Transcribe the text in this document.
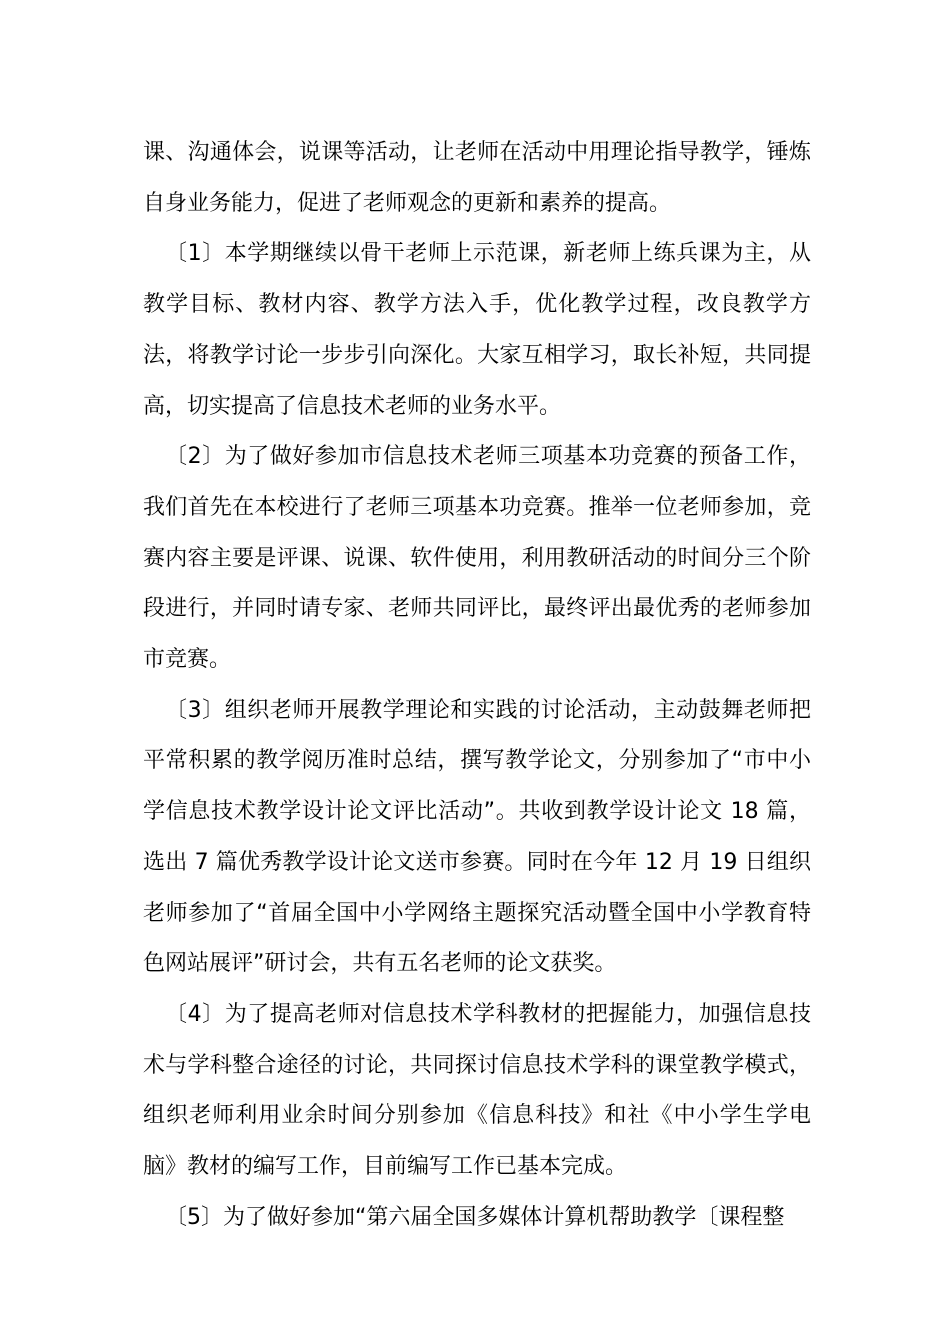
课、沟通体会，说课等活动，让老师在活动中用理论指导教学，锤炼自身业务能力，促进了老师观念的更新和素养的提高。

〔1〕本学期继续以骨干老师上示范课，新老师上练兵课为主，从教学目标、教材内容、教学方法入手，优化教学过程，改良教学方法，将教学讨论一步步引向深化。大家互相学习，取长补短，共同提高，切实提高了信息技术老师的业务水平。

〔2〕为了做好参加市信息技术老师三项基本功竞赛的预备工作，我们首先在本校进行了老师三项基本功竞赛。推举一位老师参加，竞赛内容主要是评课、说课、软件使用，利用教研活动的时间分三个阶段进行，并同时请专家、老师共同评比，最终评出最优秀的老师参加市竞赛。

〔3〕组织老师开展教学理论和实践的讨论活动，主动鼓舞老师把平常积累的教学阅历准时总结，撰写教学论文，分别参加了“市中小学信息技术教学设计论文评比活动”。共收到教学设计论文 18 篇，选出 7 篇优秀教学设计论文送市参赛。同时在今年 12 月 19 日组织老师参加了“首届全国中小学网络主题探究活动暨全国中小学教育特色网站展评”研讨会，共有五名老师的论文获奖。

〔4〕为了提高老师对信息技术学科教材的把握能力，加强信息技术与学科整合途径的讨论，共同探讨信息技术学科的课堂教学模式，组织老师利用业余时间分别参加《信息科技》和社《中小学生学电脑》教材的编写工作，目前编写工作已基本完成。

〔5〕为了做好参加“第六届全国多媒体计算机帮助教学〔课程整
